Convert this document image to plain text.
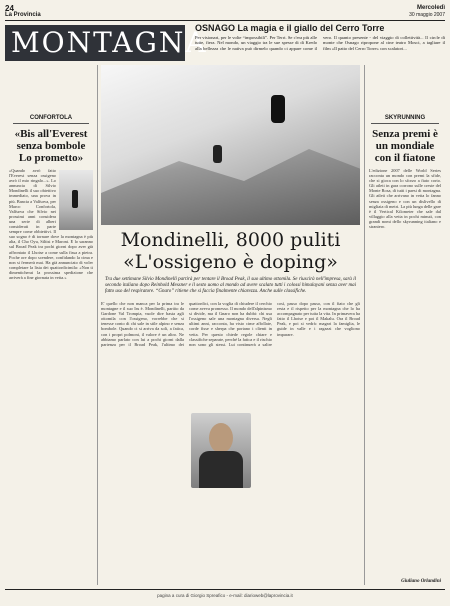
24
La Provincia
Mercoledì
30 maggio 2007
MONTAGNA
OSNAGO La magia e il giallo del Cerro Torre
Per visionari, per le volte “impossibili”. Per Terri. Se c'era più alle tutte, fiera. Nel mondo, un viaggio tra le sue spesse di di Kredo alla bellezza che le nativa può dirmelo quando ci appare come il vero. Il quanto presente - del viaggio di collettività... Il circle di monte che Osnago ripropone al cine teatro Mosci, a tagliare il film «Il patto del Cerro Torre» con scalatori...
CONFORTOLA
«Bis all'Everest senza bombole Lo prometto»
«Quando avrò fatto l'Everest senza ossigeno avrò il mio ringalo...». Lo annuncia di Silvio Mondinelli il suo obiettivo immediato, una prova in più. Bancia a Valfurva, per Marco Confortola, Valfurva che Silvio nei prossimi anni considera una serie di alberi considerati in parte sempre come obbiettivi. Il suo sogno è di tornare dove la montagna è più alta, il Cho Oyu, Siltisi e Maroni. E lo saranno sul Broad Peak tra pochi giorni dopo aver già affrontato il Lhotse a come sulla fissa a pietra. Poche ore dopo scendere, confidando la cima e non si fermerà mai. Ha già annunciato di voler completare la lista dei quattordicimila: «Non ti dimenticherai la prossima spedizione che arriverà a fine giornata in vetta.»
Mondinelli, 8000 puliti «L'ossigeno è doping»
Tra due settimane Silvio Mondinelli partirà per tentare il Broad Peak, il suo ultimo ottomila. Se riuscirà nell'impresa, sarà il secondo italiano dopo Reinhold Messner e il sesto uomo al mondo ad avere scalato tutti i colossi himalayani senza aver mai fatto uso del respiratore. “Gnaro” ritiene che si faccia finalmente chiarezza. Anche sulle classifiche.
E' quello che non manca per la prima tra le montagne e il suo Iru è. Mondinelli, partito da Gardone Val Trompia, vuole dire basta agli ottomila con l'ossigeno, vorrebbe che si tenesse conto di chi sale in stile alpino e senza bombole. Quando ci si arriva da soli, a fatica, con i propri polmoni, il valore è un altro. Ne abbiamo parlato con lui a pochi giorni dalla partenza per il Broad Peak, l'ultimo dei quattordici, con la voglia di chiudere il cerchio come aveva promesso. Il mondo dell'alpinismo si divide, ma il Gnaro non ha dubbi: chi usa l'ossigeno sale una montagna diversa. Negli ultimi anni, racconta, ha visto cime affollate, corde fisse e sherpa che portano i clienti in vetta. Per questo chiede regole chiare e classifiche separate, perché la fatica e il rischio non sono gli stessi. Lui continuerà a salire così, passo dopo passo, con il fiato che gli resta e il rispetto per la montagna che lo ha accompagnato per tutta la vita. In primavera ha fatto il Lhotse e poi il Makalu. Ora il Broad Peak, e poi si vedrà: magari la famiglia, le guide in valle e i ragazzi che vogliono imparare.
SKYRUNNING
Senza premi è un mondiale con il fiatone
L'edizione 2007 delle World Series racconta un mondo con premi la sfide, che si gioca con lo sforzo a fiato corto. Gli atleti in gara corrono sulle creste del Monte Rosa, di tutti i paesi di montagna. Gli atleti che arrivano in vetta lo fanno senza ossigeno e con un dislivello di migliaia di metri. La più lunga delle gare è il Vertical Kilometer che sale dal villaggio alla vetta in pochi minuti, con grandi nomi dello skyrunning italiano e straniero.
Giuliano Orlandini
pagina a cura di Giorgio Spreafico - e-mail: diarioweb@laprovincia.it
